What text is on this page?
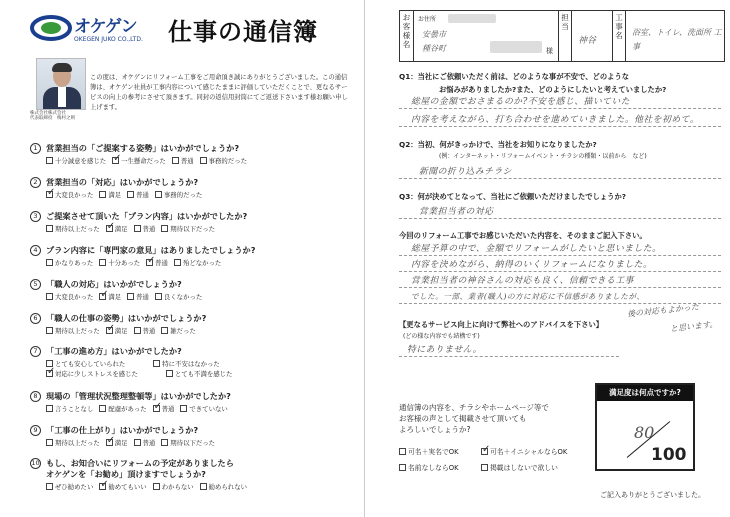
オケゲン
OKEGEN JUKO CO.,LTD. 仕事の通信簿
株式会社株式会社
代表取締役　梅村之則
この度は、オケゲンにリフォーム工事をご用命頂き誠にありがとうございました。この通信簿は、オケゲン社員が工事内容について感じたままに評価していただくことで、更なるサービスの向上の参考にさせて頂きます。同封の返信用封筒にてご返送下さいます様お願い申し上げます。
1	営業担当の「ご提案する姿勢」はいかがでしょうか?
十分誠意を感じた ✓ 一生懸命だった 普通 事務的だった
2	営業担当の「対応」はいかがでしょうか?
✓大変良かった 満足 普通 事務的だった
3	ご提案させて頂いた「プラン内容」はいかがでしたか?
期待以上だった ✓ 満足 普通 期待以下だった
4	プラン内容に「専門家の意見」はありましたでしょうか?
かなりあった 十分あった ✓ 普通 殆どなかった
5	「職人の対応」はいかがでしょうか?
大変良かった ✓ 満足 普通 良くなかった
6	「職人の仕事の姿勢」はいかがでしょうか?
期待以上だった ✓ 満足 普通 雑だった
7	「工事の進め方」はいかがでしたか?
とても安心していられた	特に不安はなかった
✓対応に少しストレスを感じた	とても不満を感じた
8	現場の「管理状況整理整頓等」はいかがでしたか?
言うことなし 配慮があった ✓ 普通 できていない
9	「工事の仕上がり」はいかがでしょうか?
期待以上だった ✓ 満足 普通 期待以下だった
10 もし、お知合いにリフォームの予定がありましたら
オケゲンを「お勧め」頂けますでしょうか?
ぜひ勧めたい ✓ 勧めてもいい わからない 勧められない
お客様名
お住所
安曇市
種谷町	様
担当
神谷
工事名	浴室、トイレ、洗面所 工事
Q1：当社にご依頼いただく前は、どのような事が不安で、どのような
お悩みがありましたか?また、どのようにしたいと考えていましたか?
総屋の金額でおさまるのか?不安を感じ、描いていた
内容を考えながら、打ち合わせを進めていきました。他社を初めて。
Q2：当初、何がきっかけで、当社をお知りになりましたか?
(例：インターネット・リフォームイベント・チラシの種類・以前から　など)
新聞の折り込みチラシ
Q3：何が決めてとなって、当社にご依頼いただけましたでしょうか?
営業担当者の対応
今回のリフォーム工事でお感じいただいた内容を、そのままご記入下さい。
総屋予算の中で、金額でリフォームがしたいと思いました。
内容を決めながら、納得のいくリフォームになりました。
営業担当者の神谷さんの対応も良く、信頼できる工事
でした。一部、業者(職人)の方に対応に不信感がありましたが、
後の対応もよかった
と思います。
【更なるサービス向上に向けて弊社へのアドバイスを下さい】
(どの様な内容でも結構です)
特にありません。
通信簿の内容を、チラシやホームページ等で
お客様の声として掲載させて頂いても
よろしいでしょうか?
可名＋実名でOK ✓	可名＋イニシャルならOK
名前なしならOK	掲載はしないで欲しい
満足度は何点ですか?
80
100
ご記入ありがとうございました。
